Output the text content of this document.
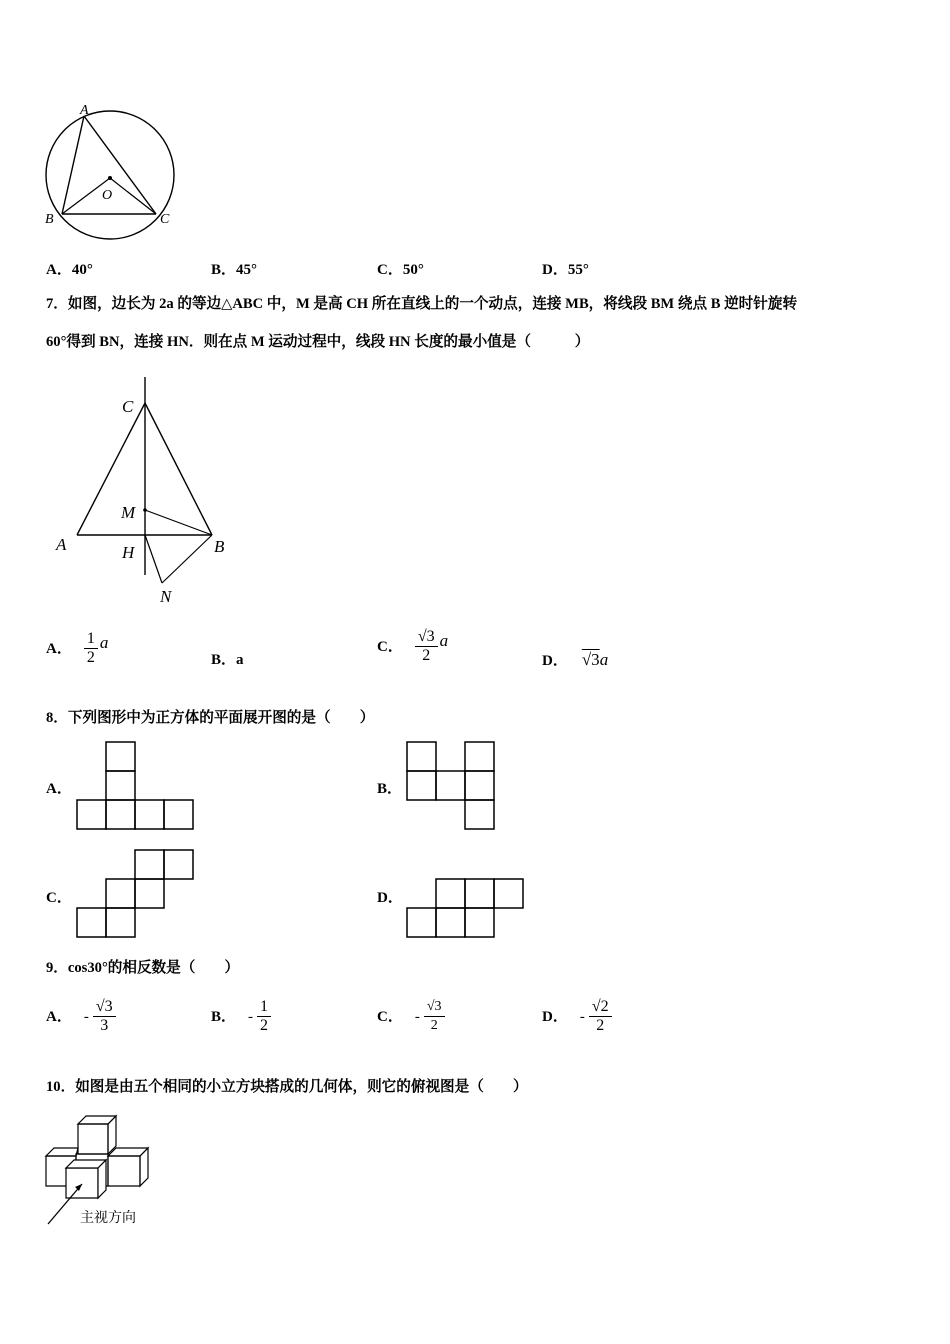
A
O
B	C
A．40°	B．45°	C．50°	D．55°
7．如图，边长为 2a 的等边△ABC 中，M 是高 CH 所在直线上的一个动点，连接 MB，将线段 BM 绕点 B 逆时针旋转
60°得到 BN，连接 HN．则在点 M 运动过程中，线段 HN 长度的最小值是（　　　）
C
M
A	H	B
N
A． $\frac{1}{2}$ a
B．a
C． $\frac{√3}{2}$ a
D． √3a
8．下列图形中为正方体的平面展开图的是（　　）
A．	B．
C．	D．
9．cos30°的相反数是（　　）
A． - $\frac{√3}{3}$	B． - $\frac{1}{2}$	C． - $\frac{√3}{2}$	D． - $\frac{√2}{2}$
10．如图是由五个相同的小立方块搭成的几何体，则它的俯视图是（　　）
主视方向
